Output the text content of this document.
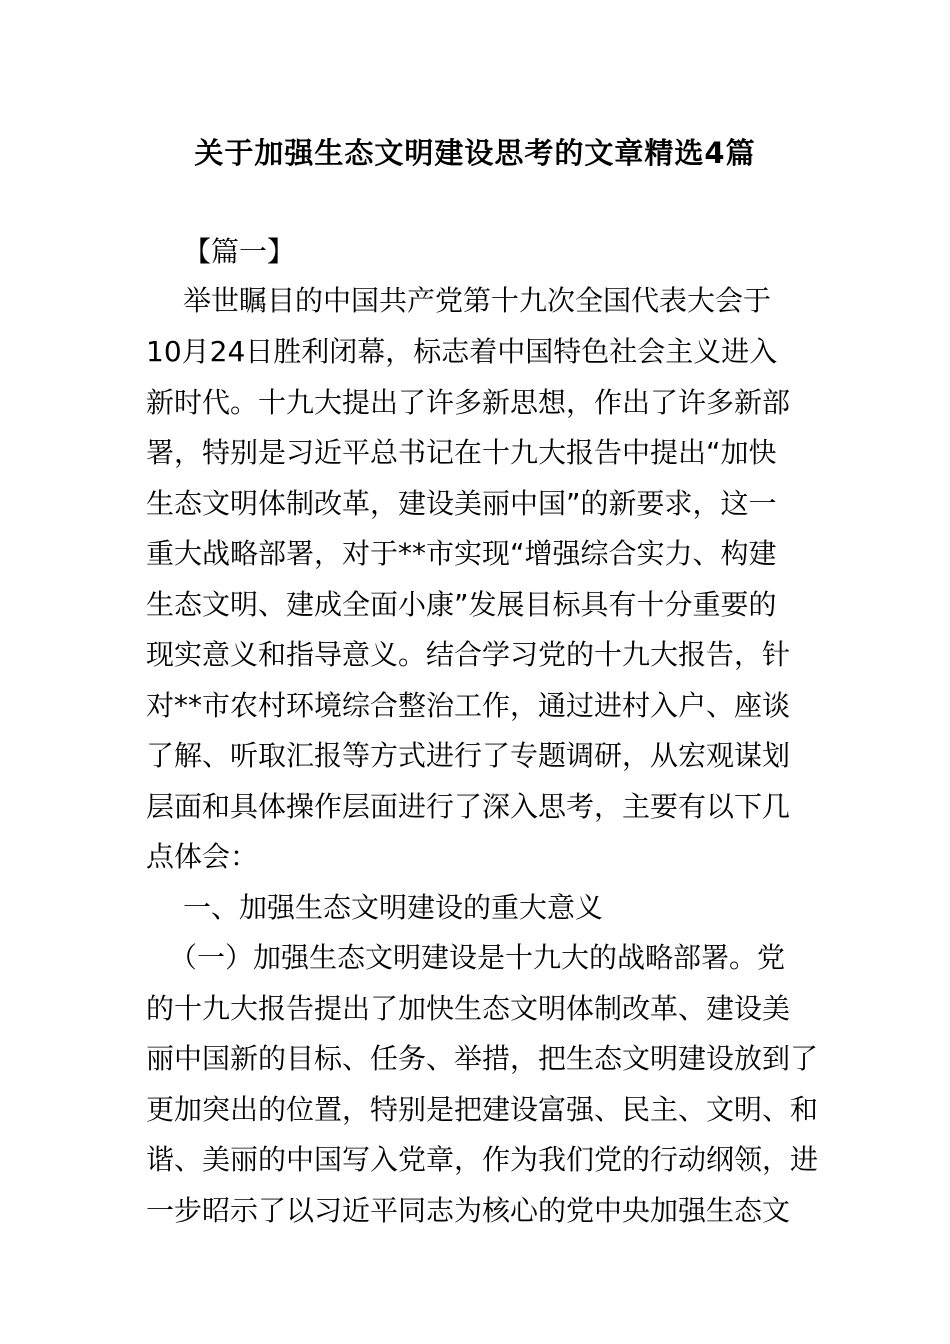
关于加强生态文明建设思考的文章精选4篇
【篇一】
举世瞩目的中国共产党第十九次全国代表大会于
10月24日胜利闭幕，标志着中国特色社会主义进入
新时代。十九大提出了许多新思想，作出了许多新部
署，特别是习近平总书记在十九大报告中提出“加快
生态文明体制改革，建设美丽中国”的新要求，这一
重大战略部署，对于**市实现“增强综合实力、构建
生态文明、建成全面小康”发展目标具有十分重要的
现实意义和指导意义。结合学习党的十九大报告，针
对**市农村环境综合整治工作，通过进村入户、座谈
了解、听取汇报等方式进行了专题调研，从宏观谋划
层面和具体操作层面进行了深入思考，主要有以下几
点体会：
一、加强生态文明建设的重大意义
（一）加强生态文明建设是十九大的战略部署。党
的十九大报告提出了加快生态文明体制改革、建设美
丽中国新的目标、任务、举措，把生态文明建设放到了
更加突出的位置，特别是把建设富强、民主、文明、和
谐、美丽的中国写入党章，作为我们党的行动纲领，进
一步昭示了以习近平同志为核心的党中央加强生态文
